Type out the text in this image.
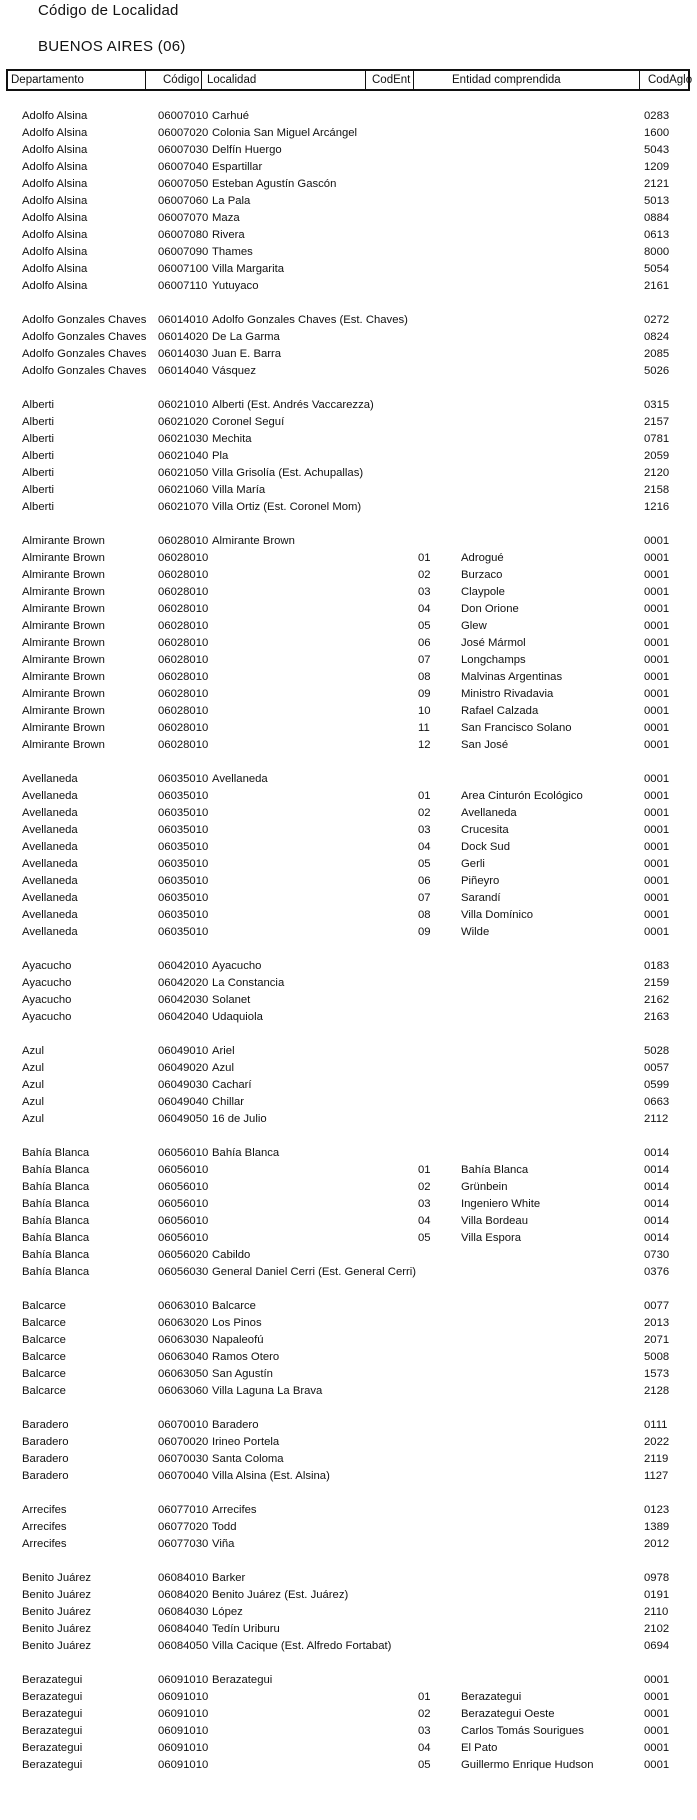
Código de Localidad
BUENOS AIRES (06)
Departamento	Código Localidad	CodEnt	Entidad comprendida	CodAglo
Adolfo Alsina	06007010 Carhué	0283
Adolfo Alsina	06007020 Colonia San Miguel Arcángel	1600
Adolfo Alsina	06007030 Delfín Huergo	5043
Adolfo Alsina	06007040 Espartillar	1209
Adolfo Alsina	06007050 Esteban Agustín Gascón	2121
Adolfo Alsina	06007060 La Pala	5013
Adolfo Alsina	06007070 Maza	0884
Adolfo Alsina	06007080 Rivera	0613
Adolfo Alsina	06007090 Thames	8000
Adolfo Alsina	06007100 Villa Margarita	5054
Adolfo Alsina	06007110 Yutuyaco	2161
Adolfo Gonzales Chaves 06014010 Adolfo Gonzales Chaves (Est. Chaves)	0272
Adolfo Gonzales Chaves 06014020 De La Garma	0824
Adolfo Gonzales Chaves 06014030 Juan E. Barra	2085
Adolfo Gonzales Chaves 06014040 Vásquez	5026
Alberti	06021010 Alberti (Est. Andrés Vaccarezza)	0315
Alberti	06021020 Coronel Seguí	2157
Alberti	06021030 Mechita	0781
Alberti	06021040 Pla	2059
Alberti	06021050 Villa Grisolía (Est. Achupallas)	2120
Alberti	06021060 Villa María	2158
Alberti	06021070 Villa Ortiz (Est. Coronel Mom)	1216
Almirante Brown	06028010 Almirante Brown	0001
Almirante Brown	06028010	01	Adrogué	0001
Almirante Brown	06028010	02	Burzaco	0001
Almirante Brown	06028010	03	Claypole	0001
Almirante Brown	06028010	04	Don Orione	0001
Almirante Brown	06028010	05	Glew	0001
Almirante Brown	06028010	06	José Mármol	0001
Almirante Brown	06028010	07	Longchamps	0001
Almirante Brown	06028010	08	Malvinas Argentinas	0001
Almirante Brown	06028010	09	Ministro Rivadavia	0001
Almirante Brown	06028010	10	Rafael Calzada	0001
Almirante Brown	06028010	11	San Francisco Solano	0001
Almirante Brown	06028010	12	San José	0001
Avellaneda	06035010 Avellaneda	0001
Avellaneda	06035010	01	Area Cinturón Ecológico	0001
Avellaneda	06035010	02	Avellaneda	0001
Avellaneda	06035010	03	Crucesita	0001
Avellaneda	06035010	04	Dock Sud	0001
Avellaneda	06035010	05	Gerli	0001
Avellaneda	06035010	06	Piñeyro	0001
Avellaneda	06035010	07	Sarandí	0001
Avellaneda	06035010	08	Villa Domínico	0001
Avellaneda	06035010	09	Wilde	0001
Ayacucho	06042010 Ayacucho	0183
Ayacucho	06042020 La Constancia	2159
Ayacucho	06042030 Solanet	2162
Ayacucho	06042040 Udaquiola	2163
Azul	06049010 Ariel	5028
Azul	06049020 Azul	0057
Azul	06049030 Cacharí	0599
Azul	06049040 Chillar	0663
Azul	06049050 16 de Julio	2112
Bahía Blanca	06056010 Bahía Blanca	0014
Bahía Blanca	06056010	01	Bahía Blanca	0014
Bahía Blanca	06056010	02	Grünbein	0014
Bahía Blanca	06056010	03	Ingeniero White	0014
Bahía Blanca	06056010	04	Villa Bordeau	0014
Bahía Blanca	06056010	05	Villa Espora	0014
Bahía Blanca	06056020 Cabildo	0730
Bahía Blanca	06056030 General Daniel Cerri (Est. General Cerri)	0376
Balcarce	06063010 Balcarce	0077
Balcarce	06063020 Los Pinos	2013
Balcarce	06063030 Napaleofú	2071
Balcarce	06063040 Ramos Otero	5008
Balcarce	06063050 San Agustín	1573
Balcarce	06063060 Villa Laguna La Brava	2128
Baradero	06070010 Baradero	0111
Baradero	06070020 Irineo Portela	2022
Baradero	06070030 Santa Coloma	2119
Baradero	06070040 Villa Alsina (Est. Alsina)	1127
Arrecifes	06077010 Arrecifes	0123
Arrecifes	06077020 Todd	1389
Arrecifes	06077030 Viña	2012
Benito Juárez	06084010 Barker	0978
Benito Juárez	06084020 Benito Juárez (Est. Juárez)	0191
Benito Juárez	06084030 López	2110
Benito Juárez	06084040 Tedín Uriburu	2102
Benito Juárez	06084050 Villa Cacique (Est. Alfredo Fortabat)	0694
Berazategui	06091010 Berazategui	0001
Berazategui	06091010	01	Berazategui	0001
Berazategui	06091010	02	Berazategui Oeste	0001
Berazategui	06091010	03	Carlos Tomás Sourigues	0001
Berazategui	06091010	04	El Pato	0001
Berazategui	06091010	05	Guillermo Enrique Hudson	0001
